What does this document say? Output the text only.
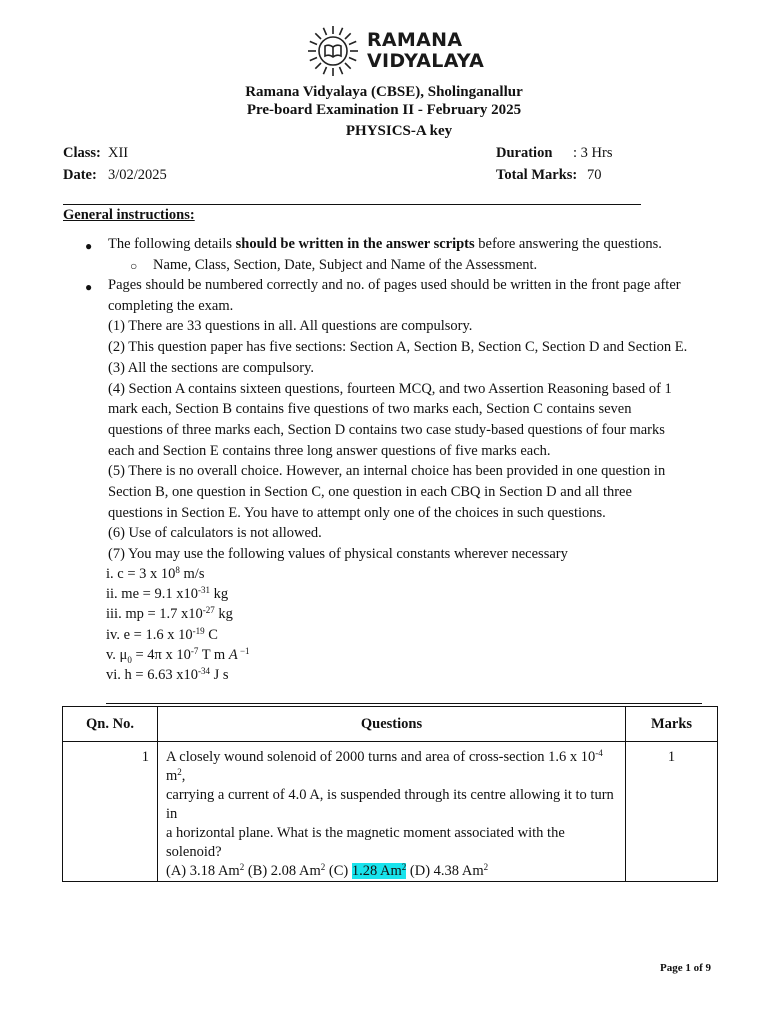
RAMANA
VIDYALAYA
Ramana Vidyalaya (CBSE), Sholinganallur
Pre-board Examination II - February 2025
PHYSICS-A key
Class: XII
Date: 3/02/2025
Duration : 3 Hrs
Total Marks: 70
General instructions:
● The following details should be written in the answer scripts before answering the questions.
○ Name, Class, Section, Date, Subject and Name of the Assessment.
● Pages should be numbered correctly and no. of pages used should be written in the front page after
completing the exam.
(1) There are 33 questions in all. All questions are compulsory.
(2) This question paper has five sections: Section A, Section B, Section C, Section D and Section E.
(3) All the sections are compulsory.
(4) Section A contains sixteen questions, fourteen MCQ, and two Assertion Reasoning based of 1
mark each, Section B contains five questions of two marks each, Section C contains seven
questions of three marks each, Section D contains two case study-based questions of four marks
each and Section E contains three long answer questions of five marks each.
(5) There is no overall choice. However, an internal choice has been provided in one question in
Section B, one question in Section C, one question in each CBQ in Section D and all three
questions in Section E. You have to attempt only one of the choices in such questions.
(6) Use of calculators is not allowed.
(7) You may use the following values of physical constants wherever necessary
i. c = 3 x $10^8$ m/s
ii. me = 9.1 $x10^{-31}$ kg
iii. mp = 1.7 $x10^{-27}$ kg
iv. e = 1.6 x $10^{-19}$ C
v. $\mu_0 = 4\pi$ x $10^{-7}$ T m A $^{-1}$
vi. h = 6.63 $x10^{-34}$ J s
Qn. No.	Questions	Marks
1	A closely wound solenoid of 2000 turns and area of cross-section 1.6 x $10^{-4}$ $m^2$,
carrying a current of 4.0 A, is suspended through its centre allowing it to turn in
a horizontal plane. What is the magnetic moment associated with the solenoid?
(A) 3.18 Am$^2$ (B) 2.08 Am$^2$ (C) 1.28 Am$^2$ (D) 4.38 Am$^2$	1
Page 1 of 9
